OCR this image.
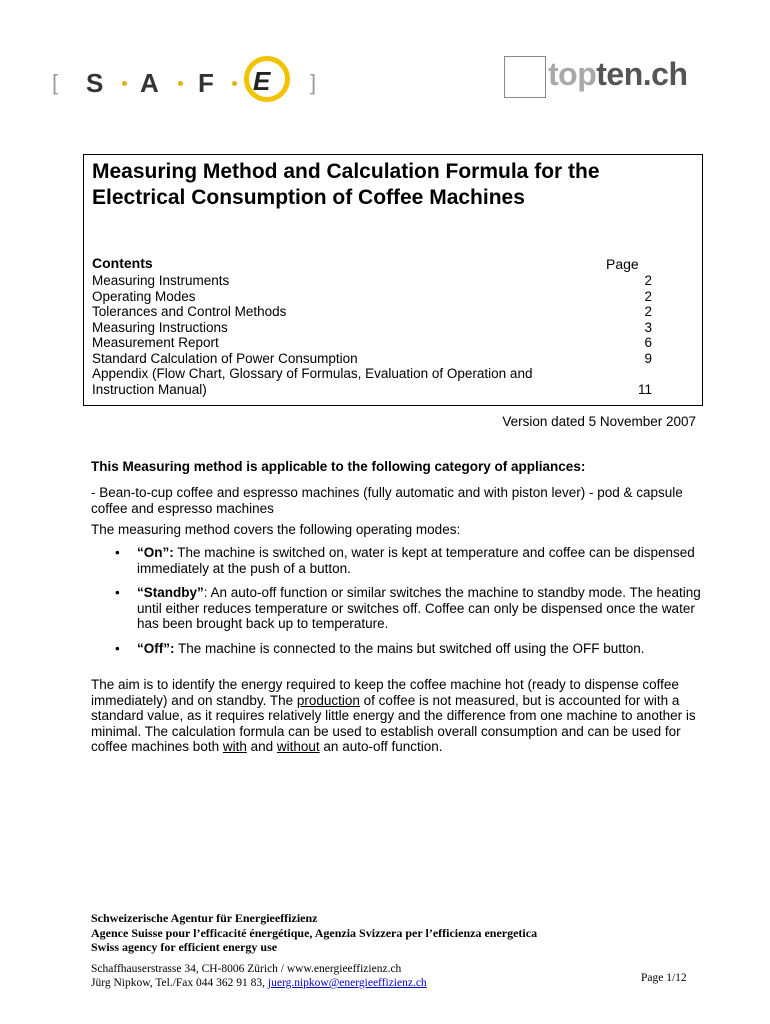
[ S A F E ]	topten.ch
Measuring Method and Calculation Formula for the Electrical Consumption of Coffee Machines
Contents	Page
Measuring Instruments	2
Operating Modes	2
Tolerances and Control Methods	2
Measuring Instructions	3
Measurement Report	6
Standard Calculation of Power Consumption	9
Appendix (Flow Chart, Glossary of Formulas, Evaluation of Operation and Instruction Manual)	11
Version dated 5 November 2007
This Measuring method is applicable to the following category of appliances:
- Bean-to-cup coffee and espresso machines (fully automatic and with piston lever) - pod & capsule coffee and espresso machines
The measuring method covers the following operating modes:
• “On”: The machine is switched on, water is kept at temperature and coffee can be dispensed immediately at the push of a button.
• “Standby”: An auto-off function or similar switches the machine to standby mode. The heating until either reduces temperature or switches off. Coffee can only be dispensed once the water has been brought back up to temperature.
• “Off”: The machine is connected to the mains but switched off using the OFF button.
The aim is to identify the energy required to keep the coffee machine hot (ready to dispense coffee immediately) and on standby. The production of coffee is not measured, but is accounted for with a standard value, as it requires relatively little energy and the difference from one machine to another is minimal. The calculation formula can be used to establish overall consumption and can be used for coffee machines both with and without an auto-off function.
Schweizerische Agentur für Energieeffizienz
Agence Suisse pour l’efficacité énergétique, Agenzia Svizzera per l’efficienza energetica
Swiss agency for efficient energy use
Schaffhauserstrasse 34, CH-8006 Zürich / www.energieeffizienz.ch
Jürg Nipkow, Tel./Fax 044 362 91 83, juerg.nipkow@energieeffizienz.ch	Page 1/12
